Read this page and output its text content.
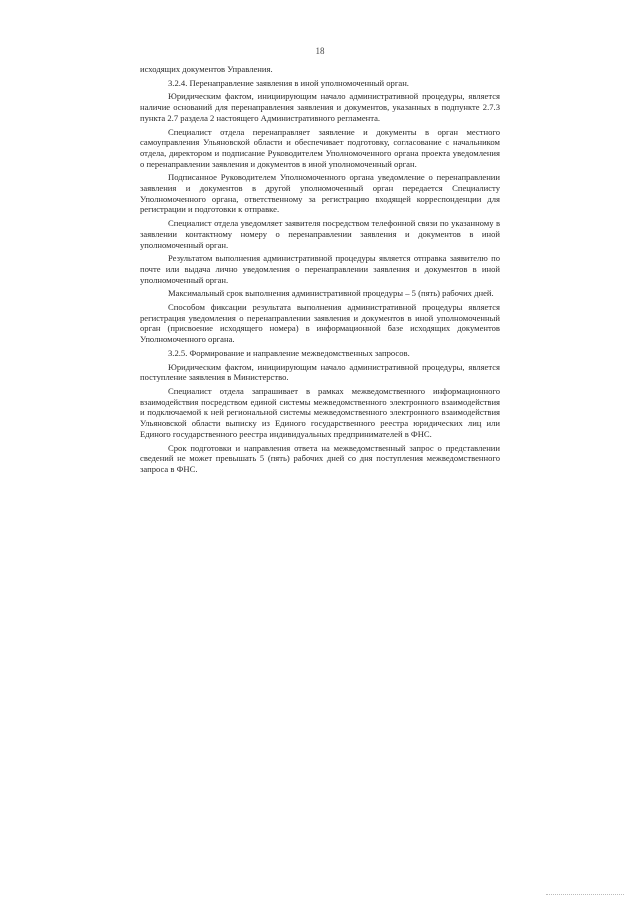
18

исходящих документов Управления.

3.2.4. Перенаправление заявления в иной уполномоченный орган.

Юридическим фактом, инициирующим начало административной процедуры, является наличие оснований для перенаправления заявления и документов, указанных в подпункте 2.7.3 пункта 2.7 раздела 2 настоящего Административного регламента.

Специалист отдела перенаправляет заявление и документы в орган местного самоуправления Ульяновской области и обеспечивает подготовку, согласование с начальником отдела, директором и подписание Руководителем Уполномоченного органа проекта уведомления о перенаправлении заявления и документов в иной уполномоченный орган.

Подписанное Руководителем Уполномоченного органа уведомление о перенаправлении заявления и документов в другой уполномоченный орган передается Специалисту Уполномоченного органа, ответственному за регистрацию входящей корреспонденции для регистрации и подготовки к отправке.

Специалист отдела уведомляет заявителя посредством телефонной связи по указанному в заявлении контактному номеру о перенаправлении заявления и документов в иной уполномоченный орган.

Результатом выполнения административной процедуры является отправка заявителю по почте или выдача лично уведомления о перенаправлении заявления и документов в иной уполномоченный орган.

Максимальный срок выполнения административной процедуры – 5 (пять) рабочих дней.

Способом фиксации результата выполнения административной процедуры является регистрация уведомления о перенаправлении заявления и документов в иной уполномоченный орган (присвоение исходящего номера) в информационной базе исходящих документов Уполномоченного органа.

3.2.5. Формирование и направление межведомственных запросов.

Юридическим фактом, инициирующим начало административной процедуры, является поступление заявления в Министерство.

Специалист отдела запрашивает в рамках межведомственного информационного взаимодействия посредством единой системы межведомственного электронного взаимодействия и подключаемой к ней региональной системы межведомственного электронного взаимодействия Ульяновской области выписку из Единого государственного реестра юридических лиц или Единого государственного реестра индивидуальных предпринимателей в ФНС.

Срок подготовки и направления ответа на межведомственный запрос о представлении сведений не может превышать 5 (пять) рабочих дней со дня поступления межведомственного запроса в ФНС.
